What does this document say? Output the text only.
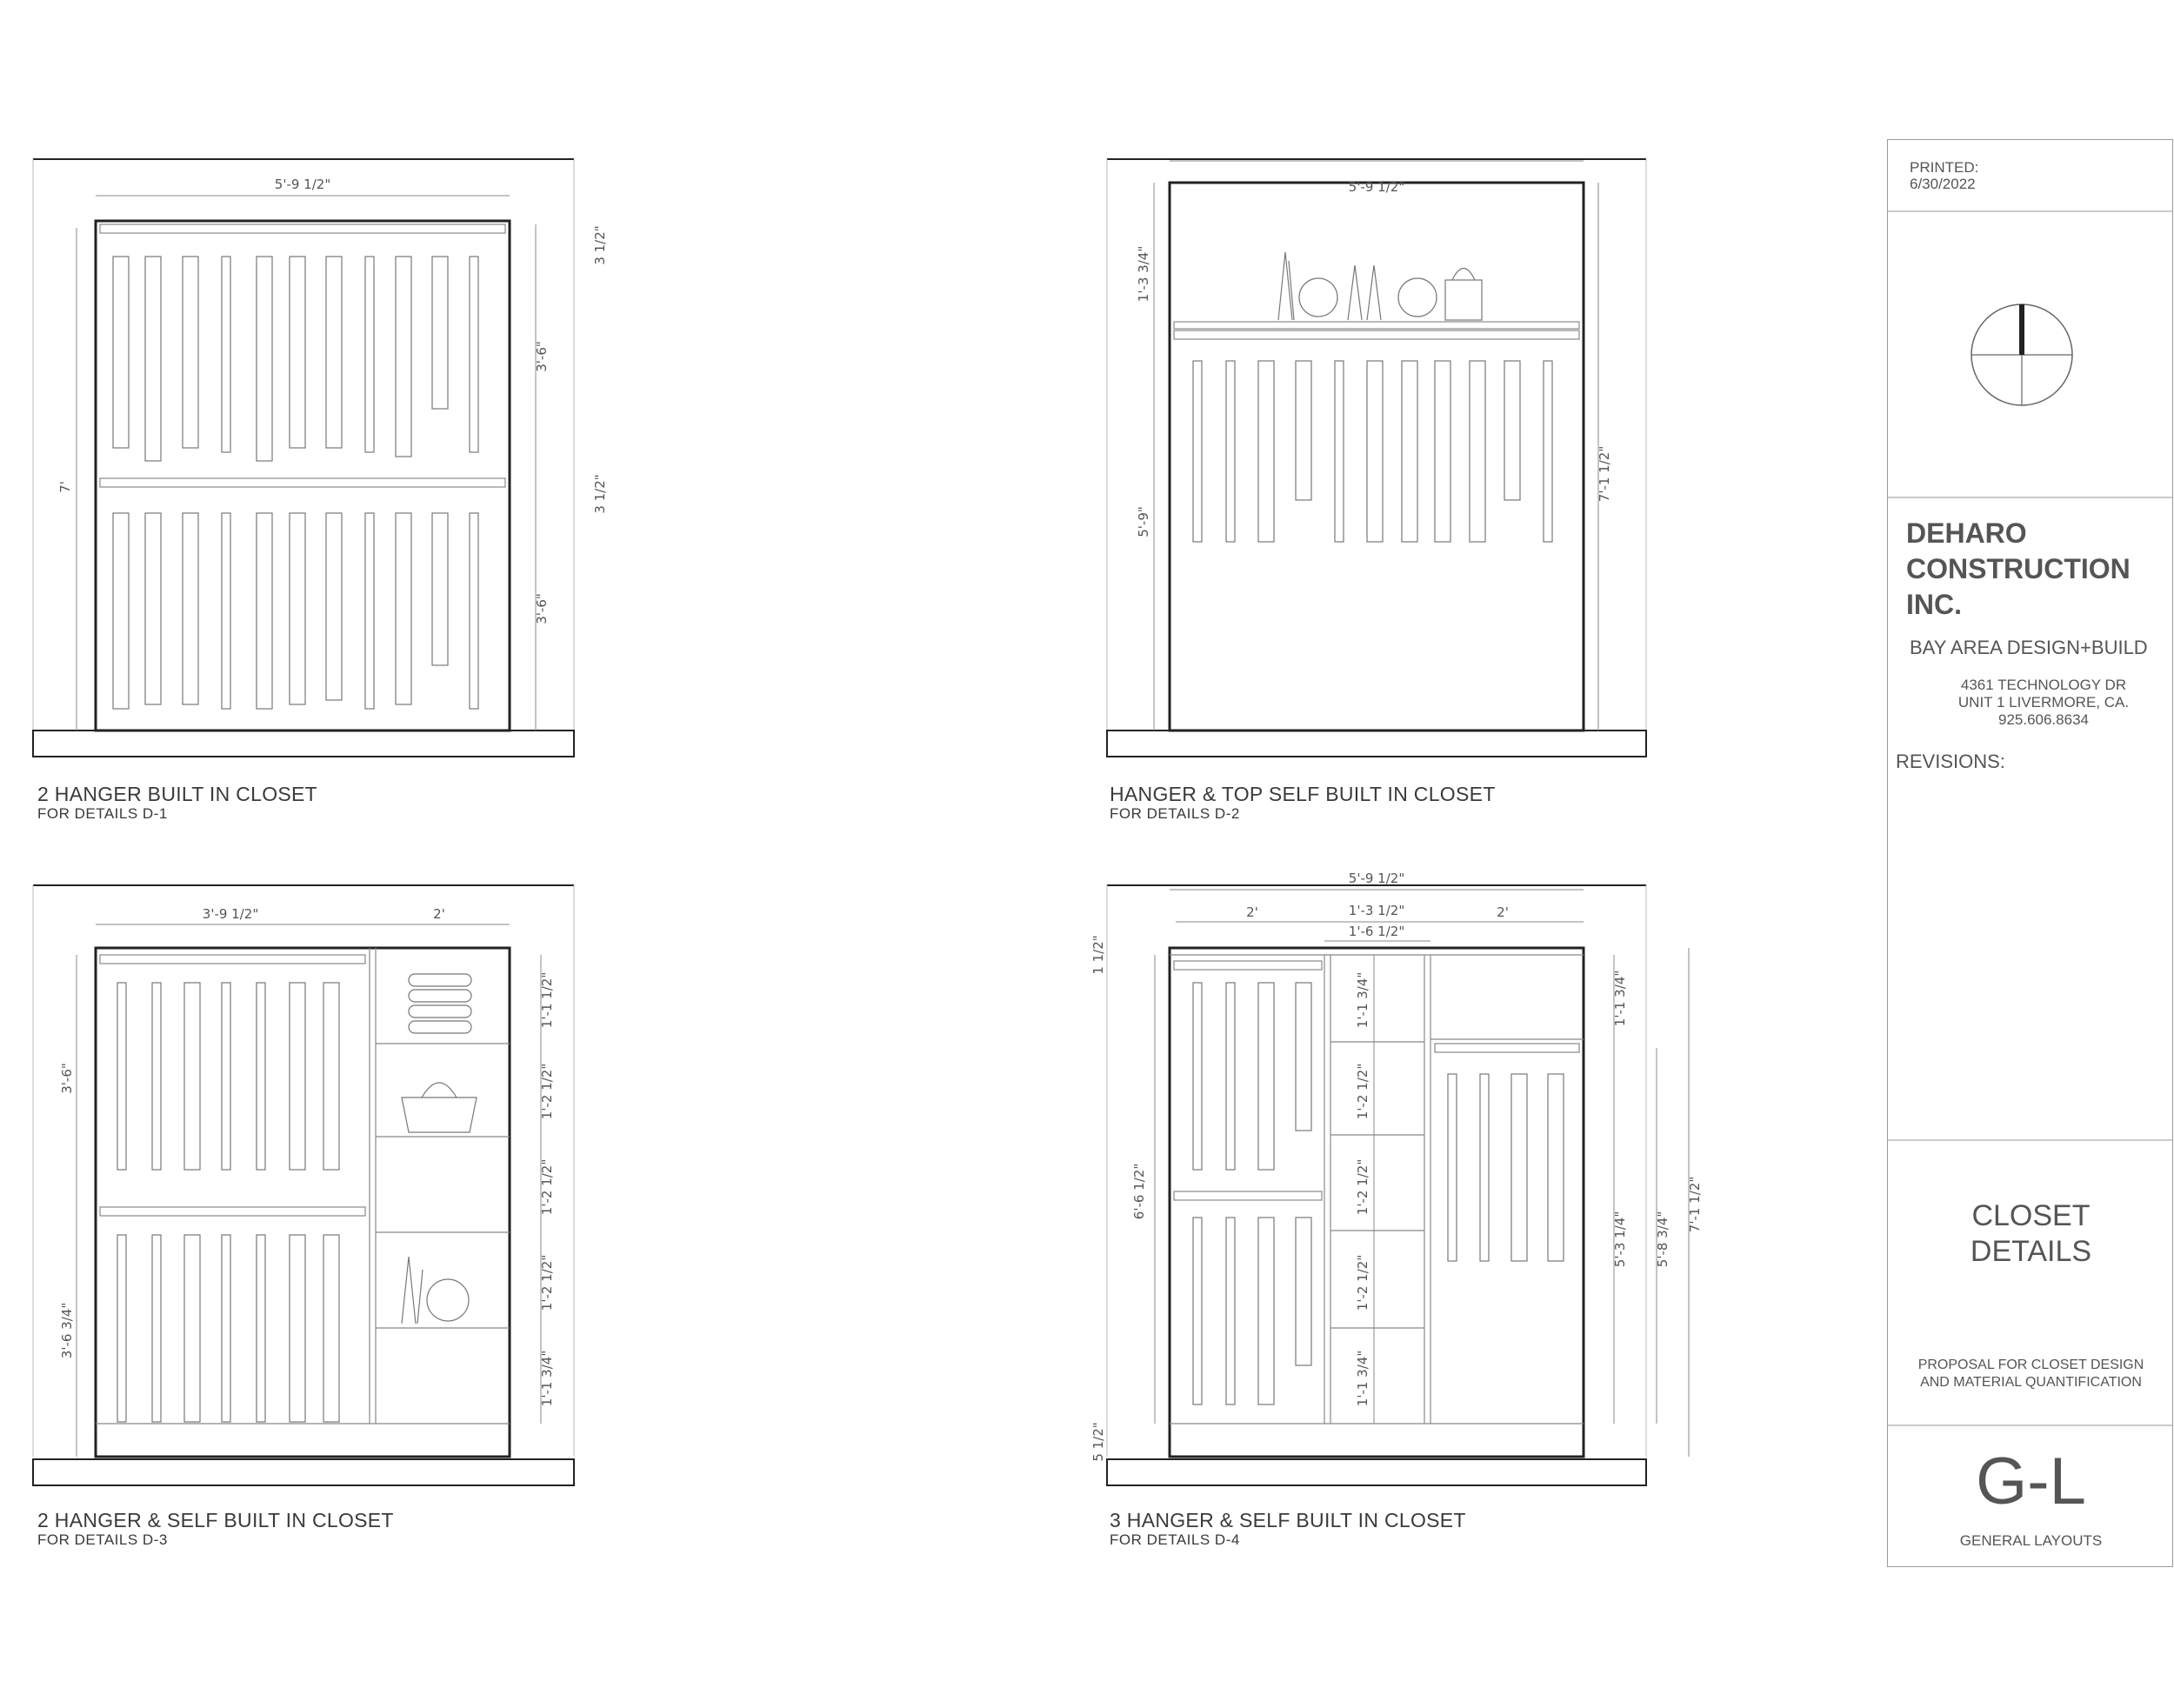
5'-9 1/2"
7'
3 1/2"
3'-6"
3 1/2"
3'-6"
5'-9 1/2"
1'-3 3/4"
5'-9"
7'-1 1/2"
3'-9 1/2"	2'
3'-6"
3'-6 3/4"
1'-1 1/2"
1'-2 1/2"
1'-2 1/2"
1'-2 1/2"
1'-1 3/4"
5'-9 1/2"
2'	1'-3 1/2"
1'-6 1/2"
2'
1 1/2"
6'-6 1/2"
5 1/2"
1'-1 3/4"
1'-2 1/2"
1'-2 1/2"
1'-2 1/2"
1'-1 3/4"
1'-1 3/4"
5'-3 1/4" 5'-8 3/4"
7'-1 1/2"
2 HANGER BUILT IN CLOSET
FOR DETAILS D-1
HANGER & TOP SELF BUILT IN CLOSET
FOR DETAILS D-2
2 HANGER & SELF BUILT IN CLOSET
FOR DETAILS D-3
3 HANGER & SELF BUILT IN CLOSET
FOR DETAILS D-4
PRINTED:
6/30/2022
DEHARO
CONSTRUCTION
INC.
BAY AREA DESIGN+BUILD
4361 TECHNOLOGY DR
UNIT 1 LIVERMORE, CA.
925.606.8634
REVISIONS:
CLOSET
DETAILS
PROPOSAL FOR CLOSET DESIGN
AND MATERIAL QUANTIFICATION
G-L
GENERAL LAYOUTS
